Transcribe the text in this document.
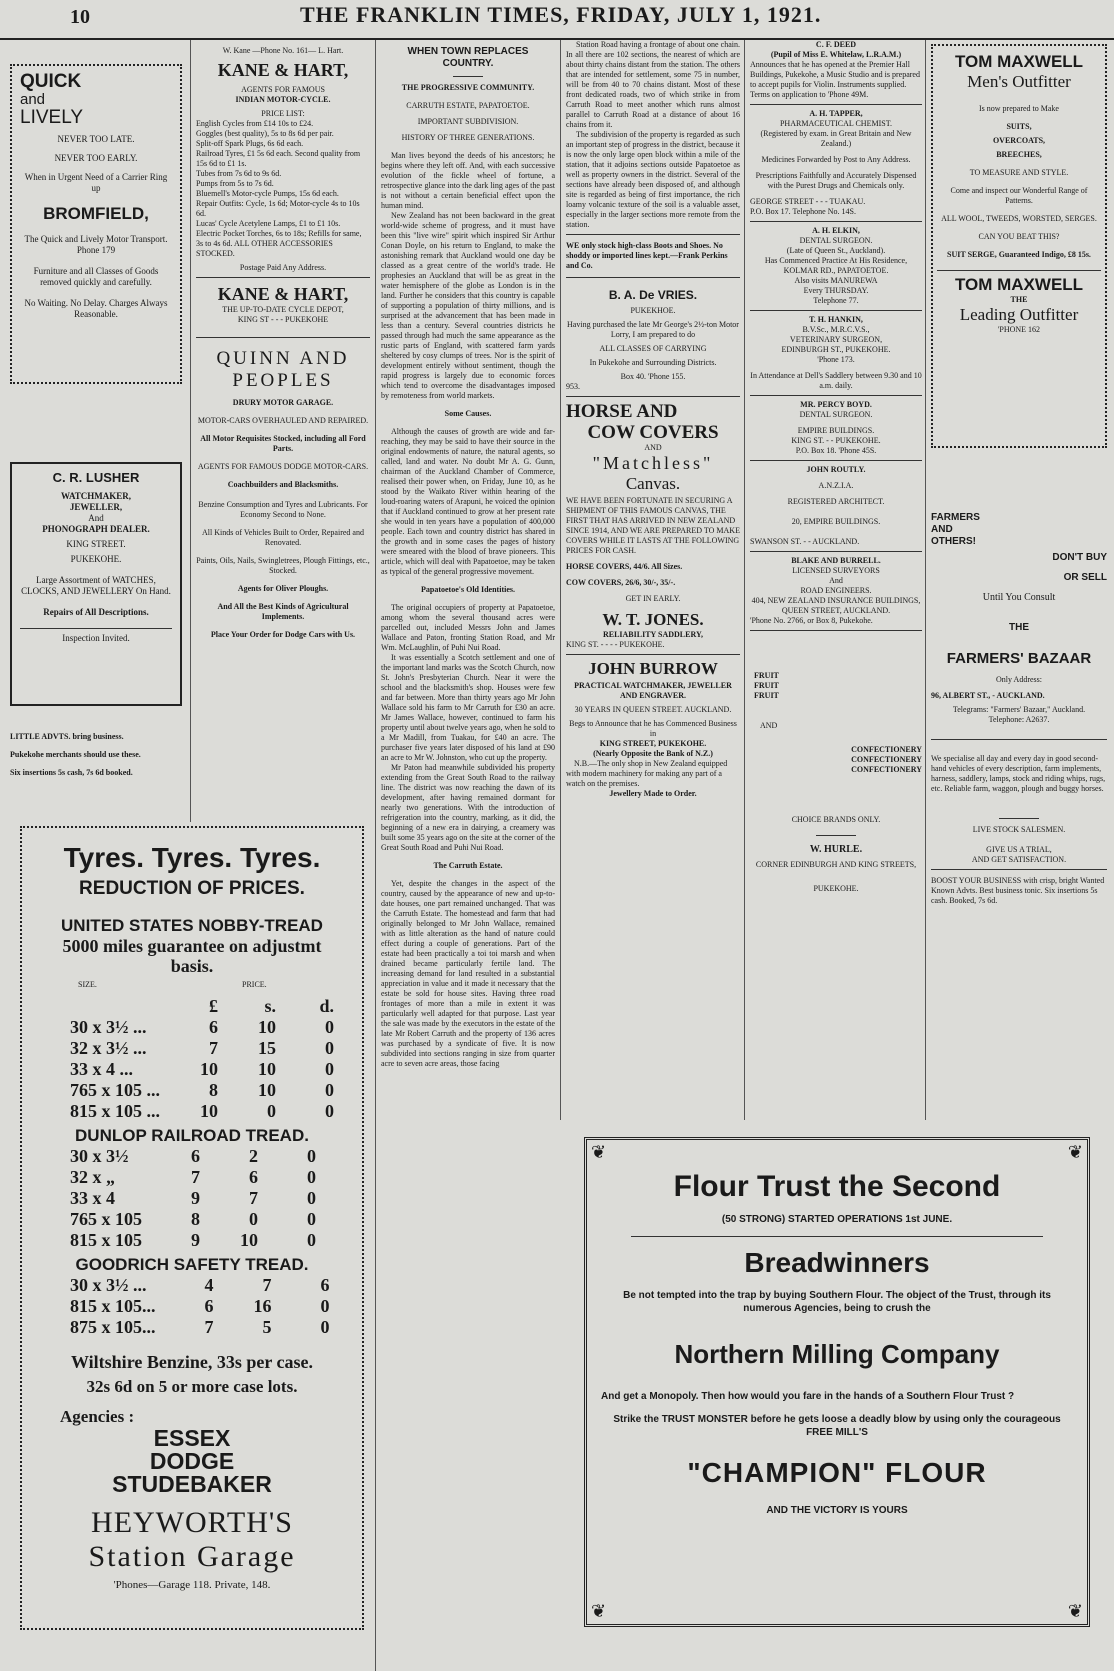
10	THE FRANKLIN TIMES, FRIDAY, JULY 1, 1921.
QUICK
and
LIVELY

NEVER TOO LATE.

NEVER TOO EARLY.

When in Urgent Need of a Carrier Ring up

BROMFIELD,

The Quick and Lively Motor Transport. Phone 179

Furniture and all Classes of Goods removed quickly and carefully.

No Waiting. No Delay. Charges Always Reasonable.

C. R. LUSHER

WATCHMAKER,

JEWELLER,

And

PHONOGRAPH DEALER.

KING STREET.

PUKEKOHE.

Large Assortment of WATCHES, CLOCKS, AND JEWELLERY On Hand.

Repairs of All Descriptions.

Inspection Invited.

LITTLE ADVTS. bring business.

Pukekohe merchants should use these.

Six insertions 5s cash, 7s 6d booked.

Tyres. Tyres. Tyres.
REDUCTION OF PRICES.
UNITED STATES NOBBY-TREAD
5000 miles guarantee on adjustmt basis.
SIZE.	PRICE.
	£	s.	d.
30 x 3½ ...	6	10	0
32 x 3½ ...	7	15	0
33 x 4 ...	10	10	0
765 x 105 ...	8	10	0
815 x 105 ...	10	0	0
DUNLOP RAILROAD TREAD.
30 x 3½	6	2	0
32 x „	7	6	0
33 x 4	9	7	0
765 x 105	8	0	0
815 x 105	9	10	0
GOODRICH SAFETY TREAD.
30 x 3½ ...	4	7	6
815 x 105...	6	16	0
875 x 105...	7	5	0
Wiltshire Benzine, 33s per case.
32s 6d on 5 or more case lots.
Agencies :
ESSEX
DODGE
STUDEBAKER
HEYWORTH'S
Station Garage
'Phones—Garage 118. Private, 148.

W. Kane —Phone No. 161— L. Hart.

KANE & HART,

AGENTS FOR FAMOUS

INDIAN MOTOR-CYCLE.

PRICE LIST:

English Cycles from £14 10s to £24.

Goggles (best quality), 5s to 8s 6d per pair.

Split-off Spark Plugs, 6s 6d each.

Railroad Tyres, £1 5s 6d each. Second quality from 15s 6d to £1 1s.

Tubes from 7s 6d to 9s 6d.

Pumps from 5s to 7s 6d.

Bluemell's Motor-cycle Pumps, 15s 6d each.

Repair Outfits: Cycle, 1s 6d; Motor-cycle 4s to 10s 6d.

Lucas' Cycle Acetylene Lamps, £1 to £1 10s.

Electric Pocket Torches, 6s to 18s; Refills for same, 3s to 4s 6d. ALL OTHER ACCESSORIES STOCKED.

Postage Paid Any Address.

KANE & HART,

THE UP-TO-DATE CYCLE DEPOT,

KING ST - - - PUKEKOHE

QUINN AND
PEOPLES

DRURY MOTOR GARAGE.

MOTOR-CARS OVERHAULED AND REPAIRED.

All Motor Requisites Stocked, including all Ford Parts.

AGENTS FOR FAMOUS DODGE MOTOR-CARS.

Coachbuilders and Blacksmiths.

Benzine Consumption and Tyres and Lubricants. For Economy Second to None.

All Kinds of Vehicles Built to Order, Repaired and Renovated.

Paints, Oils, Nails, Swingletrees, Plough Fittings, etc., Stocked.

Agents for Oliver Ploughs.

And All the Best Kinds of Agricultural Implements.

Place Your Order for Dodge Cars with Us.

WHEN TOWN REPLACES COUNTRY.

THE PROGRESSIVE COMMUNITY.

CARRUTH ESTATE, PAPATOETOE.

IMPORTANT SUBDIVISION.

HISTORY OF THREE GENERATIONS.

Man lives beyond the deeds of his ancestors; he begins where they left off. And, with each successive evolution of the fickle wheel of fortune, a retrospective glance into the dark ling ages of the past is not without a certain beneficial effect upon the human mind.

New Zealand has not been backward in the great world-wide scheme of progress, and it must have been this "live wire" spirit which inspired Sir Arthur Conan Doyle, on his return to England, to make the astonishing remark that Auckland would one day be classed as a great centre of the world's trade. He prophesies an Auckland that will be as great in the water hemisphere of the globe as London is in the land. Further he considers that this country is capable of supporting a population of thirty millions, and is surprised at the advancement that has been made in less than a century. Several countries districts he passed through had much the same appearance as the rustic parts of England, with scattered farm yards sheltered by cosy clumps of trees. Nor is the spirit of development entirely without sentiment, though the rapid progress is largely due to economic forces which tend to overcome the disadvantages imposed by remoteness from world markets.

Some Causes.

Although the causes of growth are wide and far-reaching, they may be said to have their source in the original endowments of nature, the natural agents, so called, land and water. No doubt Mr A. G. Gunn, chairman of the Auckland Chamber of Commerce, realised their power when, on Friday, June 10, as he stood by the Waikato River within hearing of the loud-roaring waters of Arapuni, he voiced the opinion that if Auckland continued to grow at her present rate she would in ten years have a population of 400,000 people. Each town and country district has shared in the growth and in some cases the pages of history were smeared with the blood of brave pioneers. This article, which will deal with Papatoetoe, may be taken as typical of the general progressive movement.

Papatoetoe's Old Identities.

The original occupiers of property at Papatoetoe, among whom the several thousand acres were parcelled out, included Messrs John and James Wallace and Paton, fronting Station Road, and Mr Wm. McLaughlin, of Puhi Nui Road.

It was essentially a Scotch settlement and one of the important land marks was the Scotch Church, now St. John's Presbyterian Church. Near it were the school and the blacksmith's shop. Houses were few and far between. More than thirty years ago Mr John Wallace sold his farm to Mr Carruth for £30 an acre. Mr James Wallace, however, continued to farm his property until about twelve years ago, when he sold to a Mr Madill, from Tuakau, for £40 an acre. The purchaser five years later disposed of his land at £90 an acre to Mr W. Johnston, who cut up the property.

Mr Paton had meanwhile subdivided his property extending from the Great South Road to the railway line. The district was now reaching the dawn of its development, after having remained dormant for nearly two generations. With the introduction of refrigeration into the country, marking, as it did, the beginning of a new era in dairying, a creamery was built some 35 years ago on the site at the corner of the Great South Road and Puhi Nui Road.

The Carruth Estate.

Yet, despite the changes in the aspect of the country, caused by the appearance of new and up-to-date houses, one part remained unchanged. That was the Carruth Estate. The homestead and farm that had originally belonged to Mr John Wallace, remained with as little alteration as the hand of nature could effect during a couple of generations. Part of the estate had been practically a toi toi marsh and when drained became particularly fertile land. The increasing demand for land resulted in a substantial appreciation in value and it made it necessary that the estate be sold for house sites. Having three road frontages of more than a mile in extent it was particularly well adapted for that purpose. Last year the sale was made by the executors in the estate of the late Mr Robert Carruth and the property of 136 acres was purchased by a syndicate of five. It is now subdivided into sections ranging in size from quarter acre to seven acre areas, those facing

Station Road having a frontage of about one chain. In all there are 102 sections, the nearest of which are about thirty chains distant from the station. The others that are intended for settlement, some 75 in number, will be from 40 to 70 chains distant. Most of these front dedicated roads, two of which strike in from Carruth Road to meet another which runs almost parallel to Carruth Road at a distance of about 16 chains from it.

The subdivision of the property is regarded as such an important step of progress in the district, because it is now the only large open block within a mile of the station, that it adjoins sections outside Papatoetoe as well as property owners in the district. Several of the sections have already been disposed of, and although site is regarded as being of first importance, the rich loamy volcanic texture of the soil is a valuable asset, especially in the larger sections more remote from the station.

WE only stock high-class Boots and Shoes. No shoddy or imported lines kept.—Frank Perkins and Co.

B. A. De VRIES.

PUKEKHOE.

Having purchased the late Mr George's 2½-ton Motor Lorry, I am prepared to do

ALL CLASSES OF CARRYING

In Pukekohe and Surrounding Districts.

Box 40. 'Phone 155.

953.

HORSE AND
COW COVERS

AND

"Matchless"
Canvas.

WE HAVE BEEN FORTUNATE IN SECURING A SHIPMENT OF THIS FAMOUS CANVAS, THE FIRST THAT HAS ARRIVED IN NEW ZEALAND SINCE 1914, AND WE ARE PREPARED TO MAKE COVERS WHILE IT LASTS AT THE FOLLOWING PRICES FOR CASH.

HORSE COVERS, 44/6. All Sizes.

COW COVERS, 26/6, 30/-, 35/-.

GET IN EARLY.

W. T. JONES.

RELIABILITY SADDLERY,

KING ST. - - - - PUKEKOHE.

JOHN BURROW

PRACTICAL WATCHMAKER, JEWELLER AND ENGRAVER.

30 YEARS IN QUEEN STREET. AUCKLAND.

Begs to Announce that he has Commenced Business in

KING STREET, PUKEKOHE.

(Nearly Opposite the Bank of N.Z.)

N.B.—The only shop in New Zealand equipped with modern machinery for making any part of a watch on the premises.

Jewellery Made to Order.

C. F. DEED

(Pupil of Miss E. Whitelaw, L.R.A.M.)

Announces that he has opened at the Premier Hall Buildings, Pukekohe, a Music Studio and is prepared to accept pupils for Violin. Instruments supplied. Terms on application to 'Phone 49M.

A. H. TAPPER,

PHARMACEUTICAL CHEMIST.

(Registered by exam. in Great Britain and New Zealand.)

Medicines Forwarded by Post to Any Address.

Prescriptions Faithfully and Accurately Dispensed with the Purest Drugs and Chemicals only.

GEORGE STREET - - - TUAKAU.

P.O. Box 17. Telephone No. 14S.

A. H. ELKIN,

DENTAL SURGEON.

(Late of Queen St., Auckland).

Has Commenced Practice At His Residence,

KOLMAR RD., PAPATOETOE.

Also visits MANUREWA

Every THURSDAY.

Telephone 77.

T. H. HANKIN,

B.V.Sc., M.R.C.V.S.,

VETERINARY SURGEON,

EDINBURGH ST., PUKEKOHE.

'Phone 173.

In Attendance at Dell's Saddlery between 9.30 and 10 a.m. daily.

MR. PERCY BOYD.

DENTAL SURGEON.

EMPIRE BUILDINGS.

KING ST. - - PUKEKOHE.

P.O. Box 18. 'Phone 45S.

JOHN ROUTLY.

A.N.Z.I.A.

REGISTERED ARCHITECT.

20, EMPIRE BUILDINGS.

SWANSON ST. - - AUCKLAND.

BLAKE AND BURRELL.

LICENSED SURVEYORS

And

ROAD ENGINEERS.

404, NEW ZEALAND INSURANCE BUILDINGS,

QUEEN STREET, AUCKLAND.

'Phone No. 2766, or Box 8, Pukekohe.

FRUIT

FRUIT

FRUIT

AND

CONFECTIONERY

CONFECTIONERY

CONFECTIONERY

CHOICE BRANDS ONLY.

W. HURLE.

CORNER EDINBURGH AND KING STREETS,

PUKEKOHE.

TOM MAXWELL
Men's Outfitter

Is now prepared to Make

SUITS,

OVERCOATS,

BREECHES,

TO MEASURE AND STYLE.

Come and inspect our Wonderful Range of Patterns.

ALL WOOL, TWEEDS, WORSTED, SERGES.

CAN YOU BEAT THIS?

SUIT SERGE, Guaranteed Indigo, £8 15s.

TOM MAXWELL

THE

Leading Outfitter

'PHONE 162

FARMERS

AND

OTHERS!

DON'T BUY

OR SELL

Until You Consult

THE

FARMERS' BAZAAR

Only Address:

96, ALBERT ST., - AUCKLAND.

Telegrams: "Farmers' Bazaar," Auckland.

Telephone: A2637.

We specialise all day and every day in good second-hand vehicles of every description, farm implements, harness, saddlery, lamps, stock and riding whips, rugs, etc. Reliable farm, waggon, plough and buggy horses.

LIVE STOCK SALESMEN.

GIVE US A TRIAL,

AND GET SATISFACTION.

BOOST YOUR BUSINESS with crisp, bright Wanted Known Advts. Best business tonic. Six insertions 5s cash. Booked, 7s 6d.

❦	❦
❦	❦
Flour Trust the Second

(50 STRONG) STARTED OPERATIONS 1st JUNE.

Breadwinners

Be not tempted into the trap by buying Southern Flour. The object of the Trust, through its numerous Agencies, being to crush the

Northern Milling Company

And get a Monopoly. Then how would you fare in the hands of a Southern Flour Trust ?

Strike the TRUST MONSTER before he gets loose a deadly blow by using only the courageous FREE MILL'S

"CHAMPION" FLOUR

AND THE VICTORY IS YOURS
